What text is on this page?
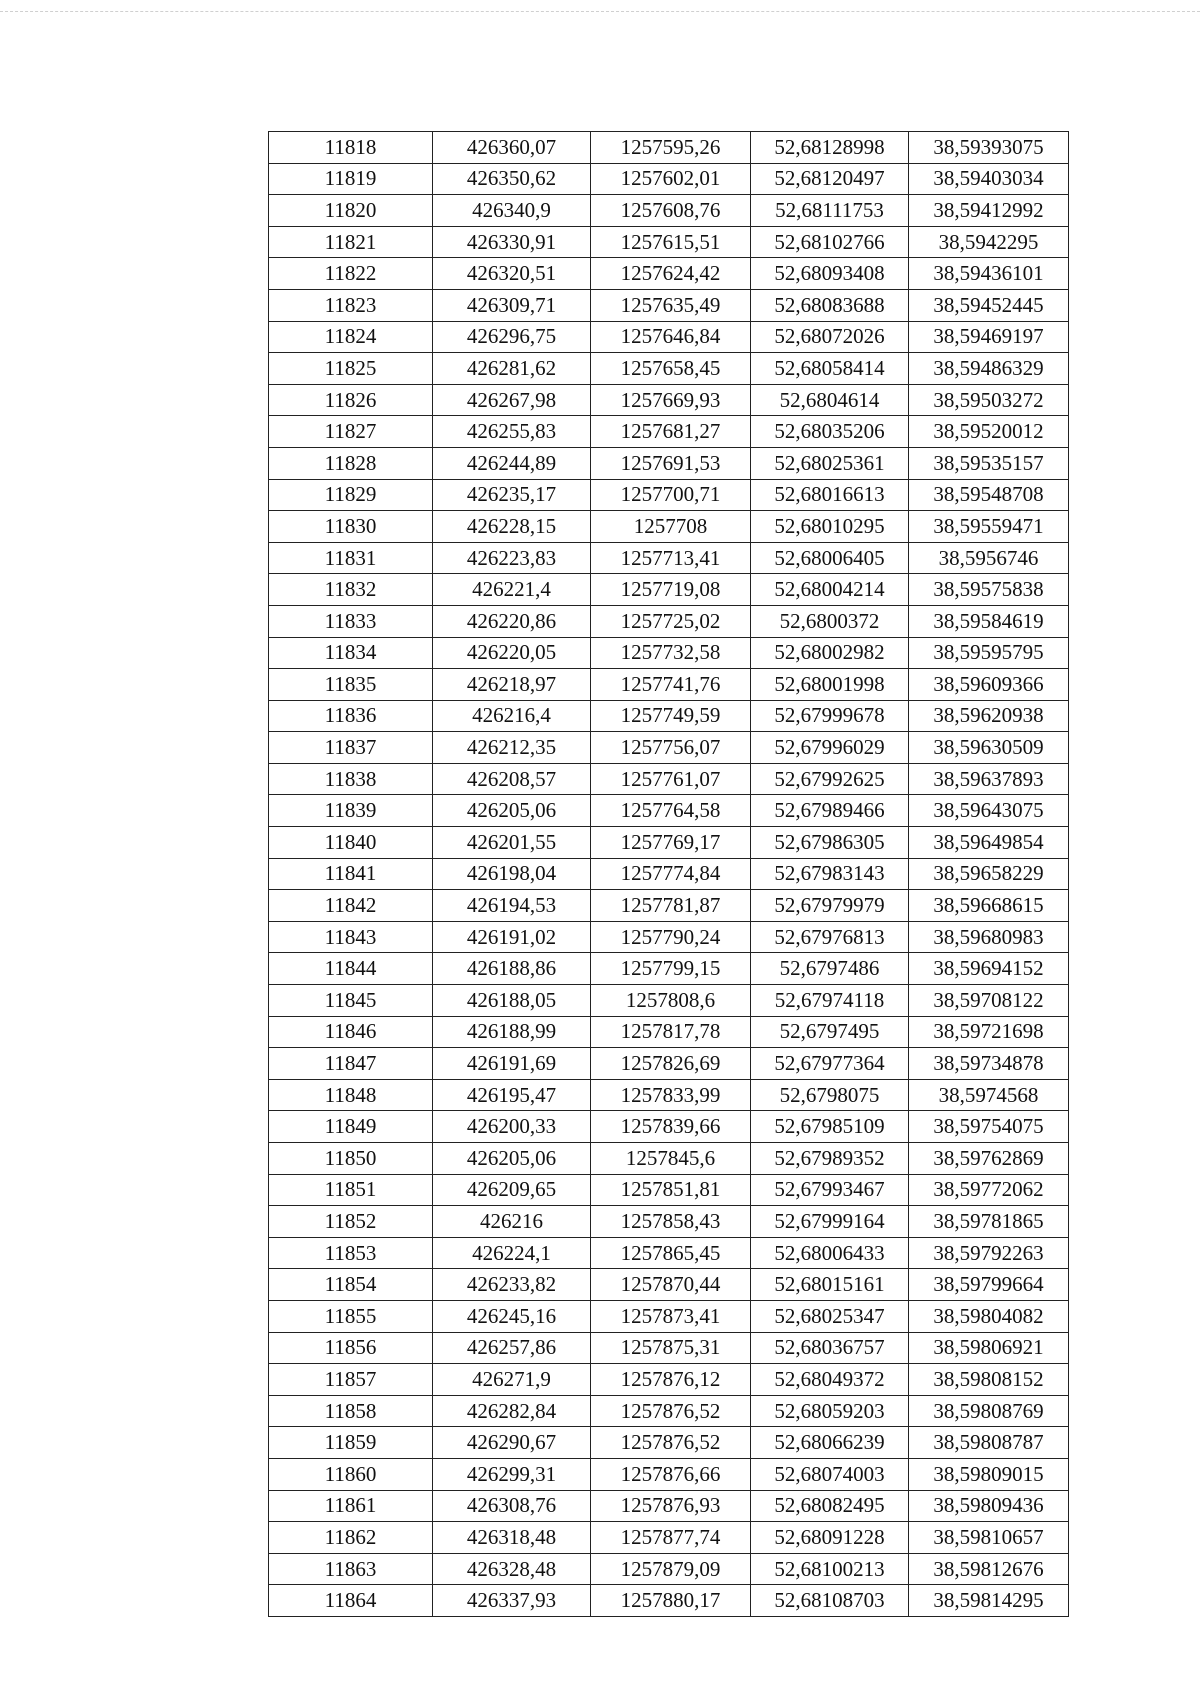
11818	426360,07	1257595,26	52,68128998	38,59393075
11819	426350,62	1257602,01	52,68120497	38,59403034
11820	426340,9	1257608,76	52,68111753	38,59412992
11821	426330,91	1257615,51	52,68102766	38,5942295
11822	426320,51	1257624,42	52,68093408	38,59436101
11823	426309,71	1257635,49	52,68083688	38,59452445
11824	426296,75	1257646,84	52,68072026	38,59469197
11825	426281,62	1257658,45	52,68058414	38,59486329
11826	426267,98	1257669,93	52,6804614	38,59503272
11827	426255,83	1257681,27	52,68035206	38,59520012
11828	426244,89	1257691,53	52,68025361	38,59535157
11829	426235,17	1257700,71	52,68016613	38,59548708
11830	426228,15	1257708	52,68010295	38,59559471
11831	426223,83	1257713,41	52,68006405	38,5956746
11832	426221,4	1257719,08	52,68004214	38,59575838
11833	426220,86	1257725,02	52,6800372	38,59584619
11834	426220,05	1257732,58	52,68002982	38,59595795
11835	426218,97	1257741,76	52,68001998	38,59609366
11836	426216,4	1257749,59	52,67999678	38,59620938
11837	426212,35	1257756,07	52,67996029	38,59630509
11838	426208,57	1257761,07	52,67992625	38,59637893
11839	426205,06	1257764,58	52,67989466	38,59643075
11840	426201,55	1257769,17	52,67986305	38,59649854
11841	426198,04	1257774,84	52,67983143	38,59658229
11842	426194,53	1257781,87	52,67979979	38,59668615
11843	426191,02	1257790,24	52,67976813	38,59680983
11844	426188,86	1257799,15	52,6797486	38,59694152
11845	426188,05	1257808,6	52,67974118	38,59708122
11846	426188,99	1257817,78	52,6797495	38,59721698
11847	426191,69	1257826,69	52,67977364	38,59734878
11848	426195,47	1257833,99	52,6798075	38,5974568
11849	426200,33	1257839,66	52,67985109	38,59754075
11850	426205,06	1257845,6	52,67989352	38,59762869
11851	426209,65	1257851,81	52,67993467	38,59772062
11852	426216	1257858,43	52,67999164	38,59781865
11853	426224,1	1257865,45	52,68006433	38,59792263
11854	426233,82	1257870,44	52,68015161	38,59799664
11855	426245,16	1257873,41	52,68025347	38,59804082
11856	426257,86	1257875,31	52,68036757	38,59806921
11857	426271,9	1257876,12	52,68049372	38,59808152
11858	426282,84	1257876,52	52,68059203	38,59808769
11859	426290,67	1257876,52	52,68066239	38,59808787
11860	426299,31	1257876,66	52,68074003	38,59809015
11861	426308,76	1257876,93	52,68082495	38,59809436
11862	426318,48	1257877,74	52,68091228	38,59810657
11863	426328,48	1257879,09	52,68100213	38,59812676
11864	426337,93	1257880,17	52,68108703	38,59814295
